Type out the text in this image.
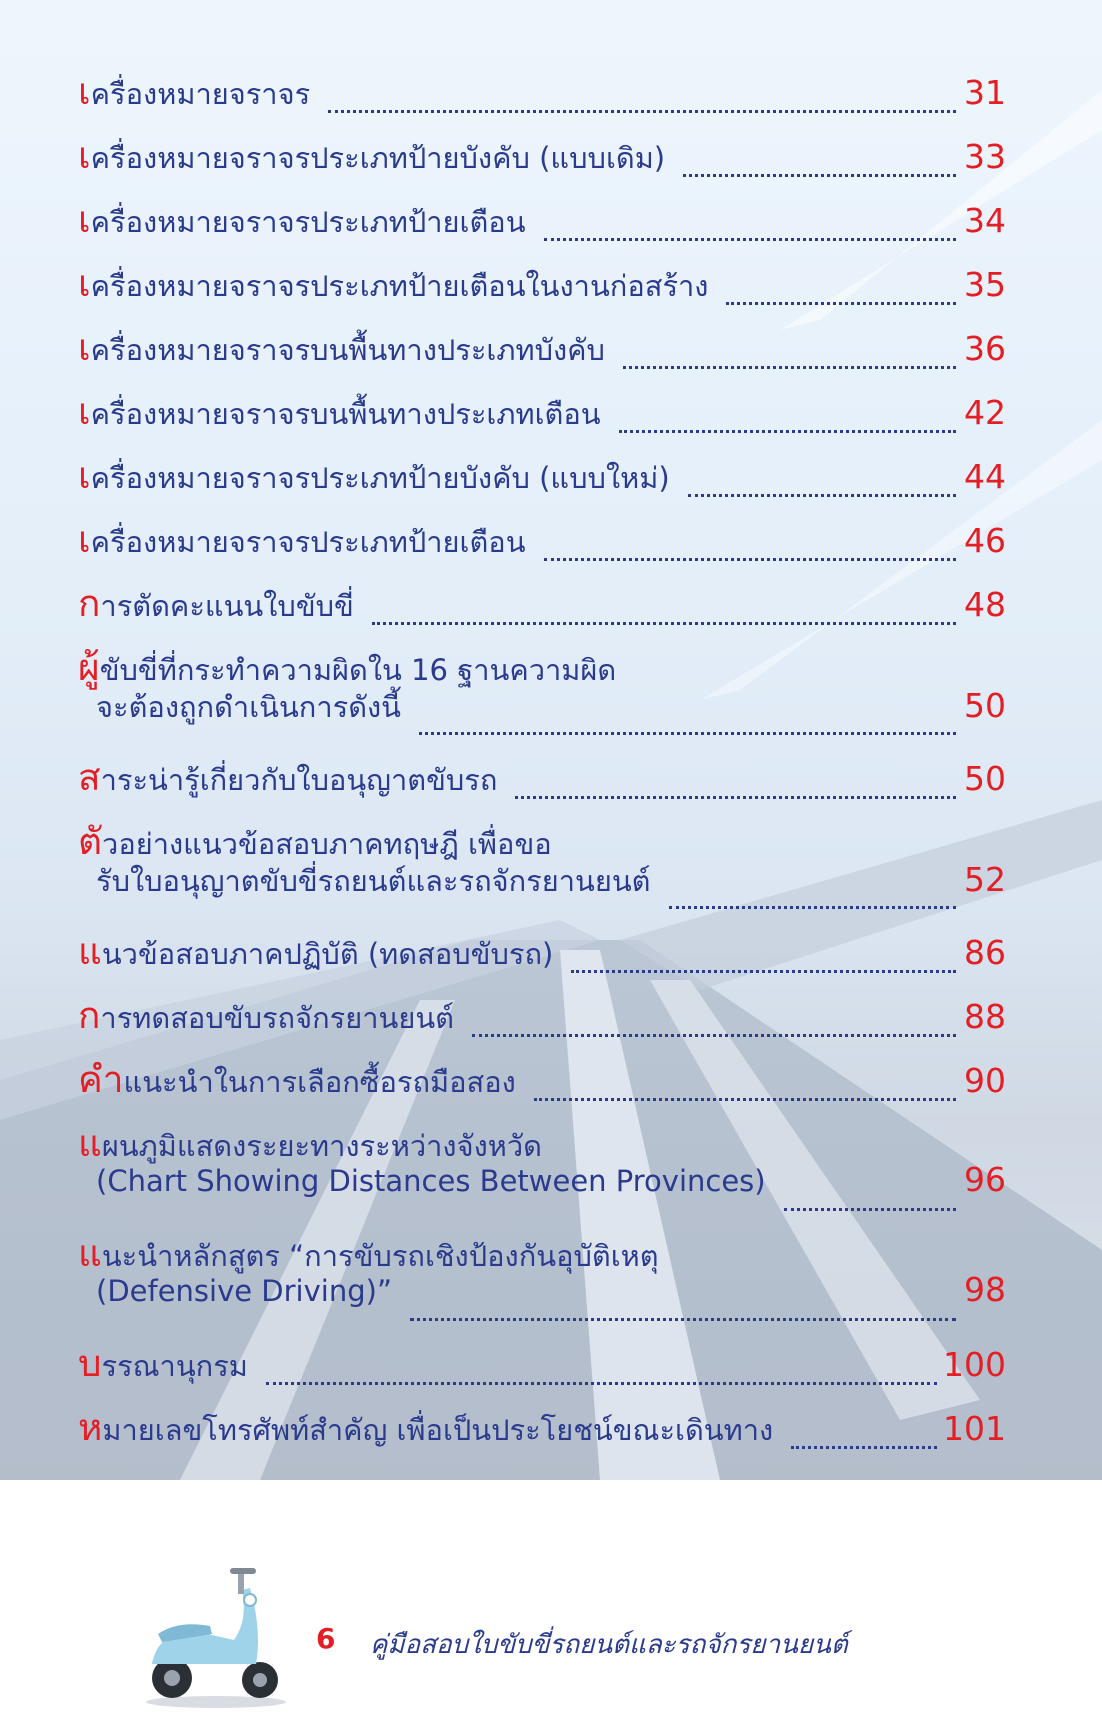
เครื่องหมายจราจร	31
เครื่องหมายจราจรประเภทป้ายบังคับ (แบบเดิม)	33
เครื่องหมายจราจรประเภทป้ายเตือน	34
เครื่องหมายจราจรประเภทป้ายเตือนในงานก่อสร้าง	35
เครื่องหมายจราจรบนพื้นทางประเภทบังคับ	36
เครื่องหมายจราจรบนพื้นทางประเภทเตือน	42
เครื่องหมายจราจรประเภทป้ายบังคับ (แบบใหม่)	44
เครื่องหมายจราจรประเภทป้ายเตือน	46
การตัดคะแนนใบขับขี่	48
ผู้ขับขี่ที่กระทำความผิดใน 16 ฐานความผิด
จะต้องถูกดำเนินการดังนี้	50
สาระน่ารู้เกี่ยวกับใบอนุญาตขับรถ	50
ตัวอย่างแนวข้อสอบภาคทฤษฎี เพื่อขอ
รับใบอนุญาตขับขี่รถยนต์และรถจักรยานยนต์	52
แนวข้อสอบภาคปฏิบัติ (ทดสอบขับรถ)	86
การทดสอบขับรถจักรยานยนต์	88
คำแนะนำในการเลือกซื้อรถมือสอง	90
แผนภูมิแสดงระยะทางระหว่างจังหวัด
(Chart Showing Distances Between Provinces)	96
แนะนำหลักสูตร “การขับรถเชิงป้องกันอุบัติเหตุ
(Defensive Driving)”	98
บรรณานุกรม	100
หมายเลขโทรศัพท์สำคัญ เพื่อเป็นประโยชน์ขณะเดินทาง	101
6 คู่มือสอบใบขับขี่รถยนต์และรถจักรยานยนต์
